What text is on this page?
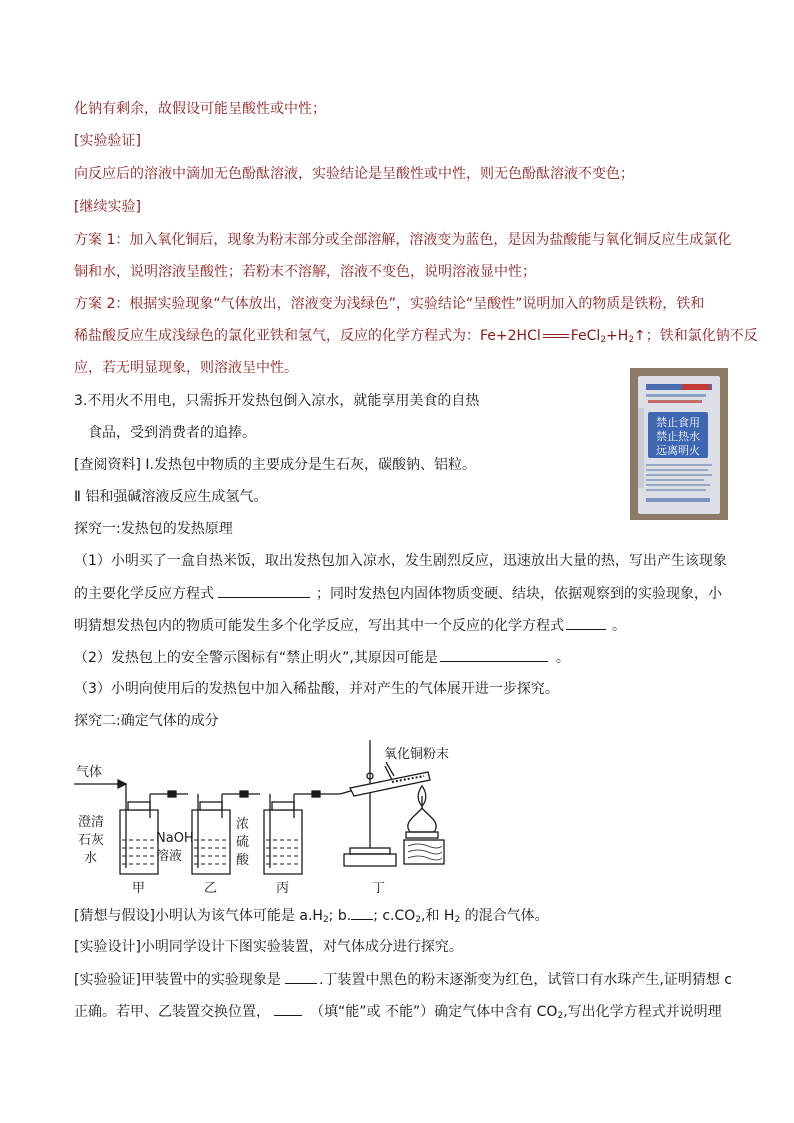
化钠有剩余，故假设可能呈酸性或中性；
[实验验证]
向反应后的溶液中滴加无色酚酞溶液，实验结论是呈酸性或中性，则无色酚酞溶液不变色；
[继续实验]
方案 1：加入氧化铜后，现象为粉末部分或全部溶解，溶液变为蓝色，是因为盐酸能与氧化铜反应生成氯化
铜和水，说明溶液呈酸性；若粉末不溶解，溶液不变色，说明溶液显中性；
方案 2：根据实验现象“气体放出，溶液变为浅绿色”，实验结论“呈酸性”说明加入的物质是铁粉，铁和
稀盐酸反应生成浅绿色的氯化亚铁和氢气，反应的化学方程式为：Fe+2HCl $FeCl_2+H_2↑$；铁和氯化钠不反
应，若无明显现象，则溶液呈中性。
3.不用火不用电，只需拆开发热包倒入凉水，就能享用美食的自热
食品，受到消费者的追捧。
[查阅资料] Ⅰ.发热包中物质的主要成分是生石灰，碳酸钠、铝粒。
Ⅱ 铝和强碱溶液反应生成氢气。
探究一:发热包的发热原理
（1）小明买了一盒自热米饭，取出发热包加入凉水，发生剧烈反应，迅速放出大量的热，写出产生该现象
的主要化学反应方程式	；同时发热包内固体物质变硬、结块，依据观察到的实验现象，小
明猜想发热包内的物质可能发生多个化学反应，写出其中一个反应的化学方程式	。
（2）发热包上的安全警示图标有“禁止明火”,其原因可能是	。
（3）小明向使用后的发热包中加入稀盐酸，并对产生的气体展开进一步探究。
探究二:确定气体的成分
禁止食用
禁止热水
远离明火
气体
氧化铜粉末
澄清
石灰
水
NaOH
溶液
浓
硫
酸
甲	乙	丙	丁
[猜想与假设]小明认为该气体可能是 $a.H_2$; b. ; $c.CO_2$,和 $H_2$ 的混合气体。
[实验设计]小明同学设计下图实验装置，对气体成分进行探究。
[实验验证]甲装置中的实验现象是	.丁装置中黑色的粉末逐渐变为红色，试管口有水珠产生,证明猜想 c
正确。若甲、乙装置交换位置，	（填“能”或 不能”）确定气体中含有 $CO_2$,写出化学方程式并说明理
